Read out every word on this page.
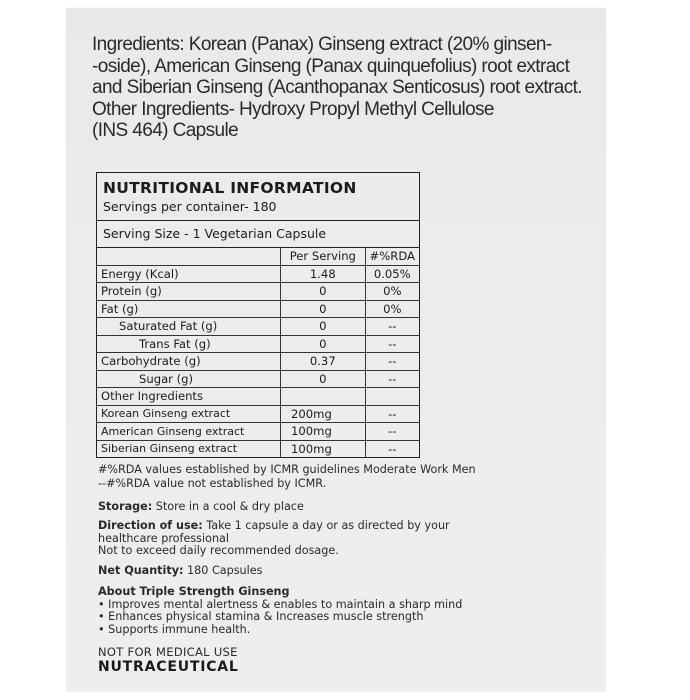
Ingredients: Korean (Panax) Ginseng extract (20% ginsen-
-oside), American Ginseng (Panax quinquefolius) root extract
and Siberian Ginseng (Acanthopanax Senticosus) root extract.
Other Ingredients- Hydroxy Propyl Methyl Cellulose
(INS 464) Capsule
NUTRITIONAL INFORMATION
Servings per container- 180
Serving Size - 1 Vegetarian Capsule
	Per Serving	#%RDA
Energy (Kcal)	1.48	0.05%
Protein (g)	0	0%
Fat (g)	0	0%
Saturated Fat (g)	0	--
Trans Fat (g)	0	--
Carbohydrate (g)	0.37	--
Sugar (g)	0	--
Other Ingredients		
Korean Ginseng extract	200mg	--
American Ginseng extract	100mg	--
Siberian Ginseng extract	100mg	--
#%RDA values established by ICMR guidelines Moderate Work Men
--#%RDA value not established by ICMR.
Storage: Store in a cool & dry place
Direction of use: Take 1 capsule a day or as directed by your
healthcare professional
Not to exceed daily recommended dosage.
Net Quantity: 180 Capsules
About Triple Strength Ginseng
• Improves mental alertness & enables to maintain a sharp mind
• Enhances physical stamina & Increases muscle strength
• Supports immune health.
NOT FOR MEDICAL USE
NUTRACEUTICAL
